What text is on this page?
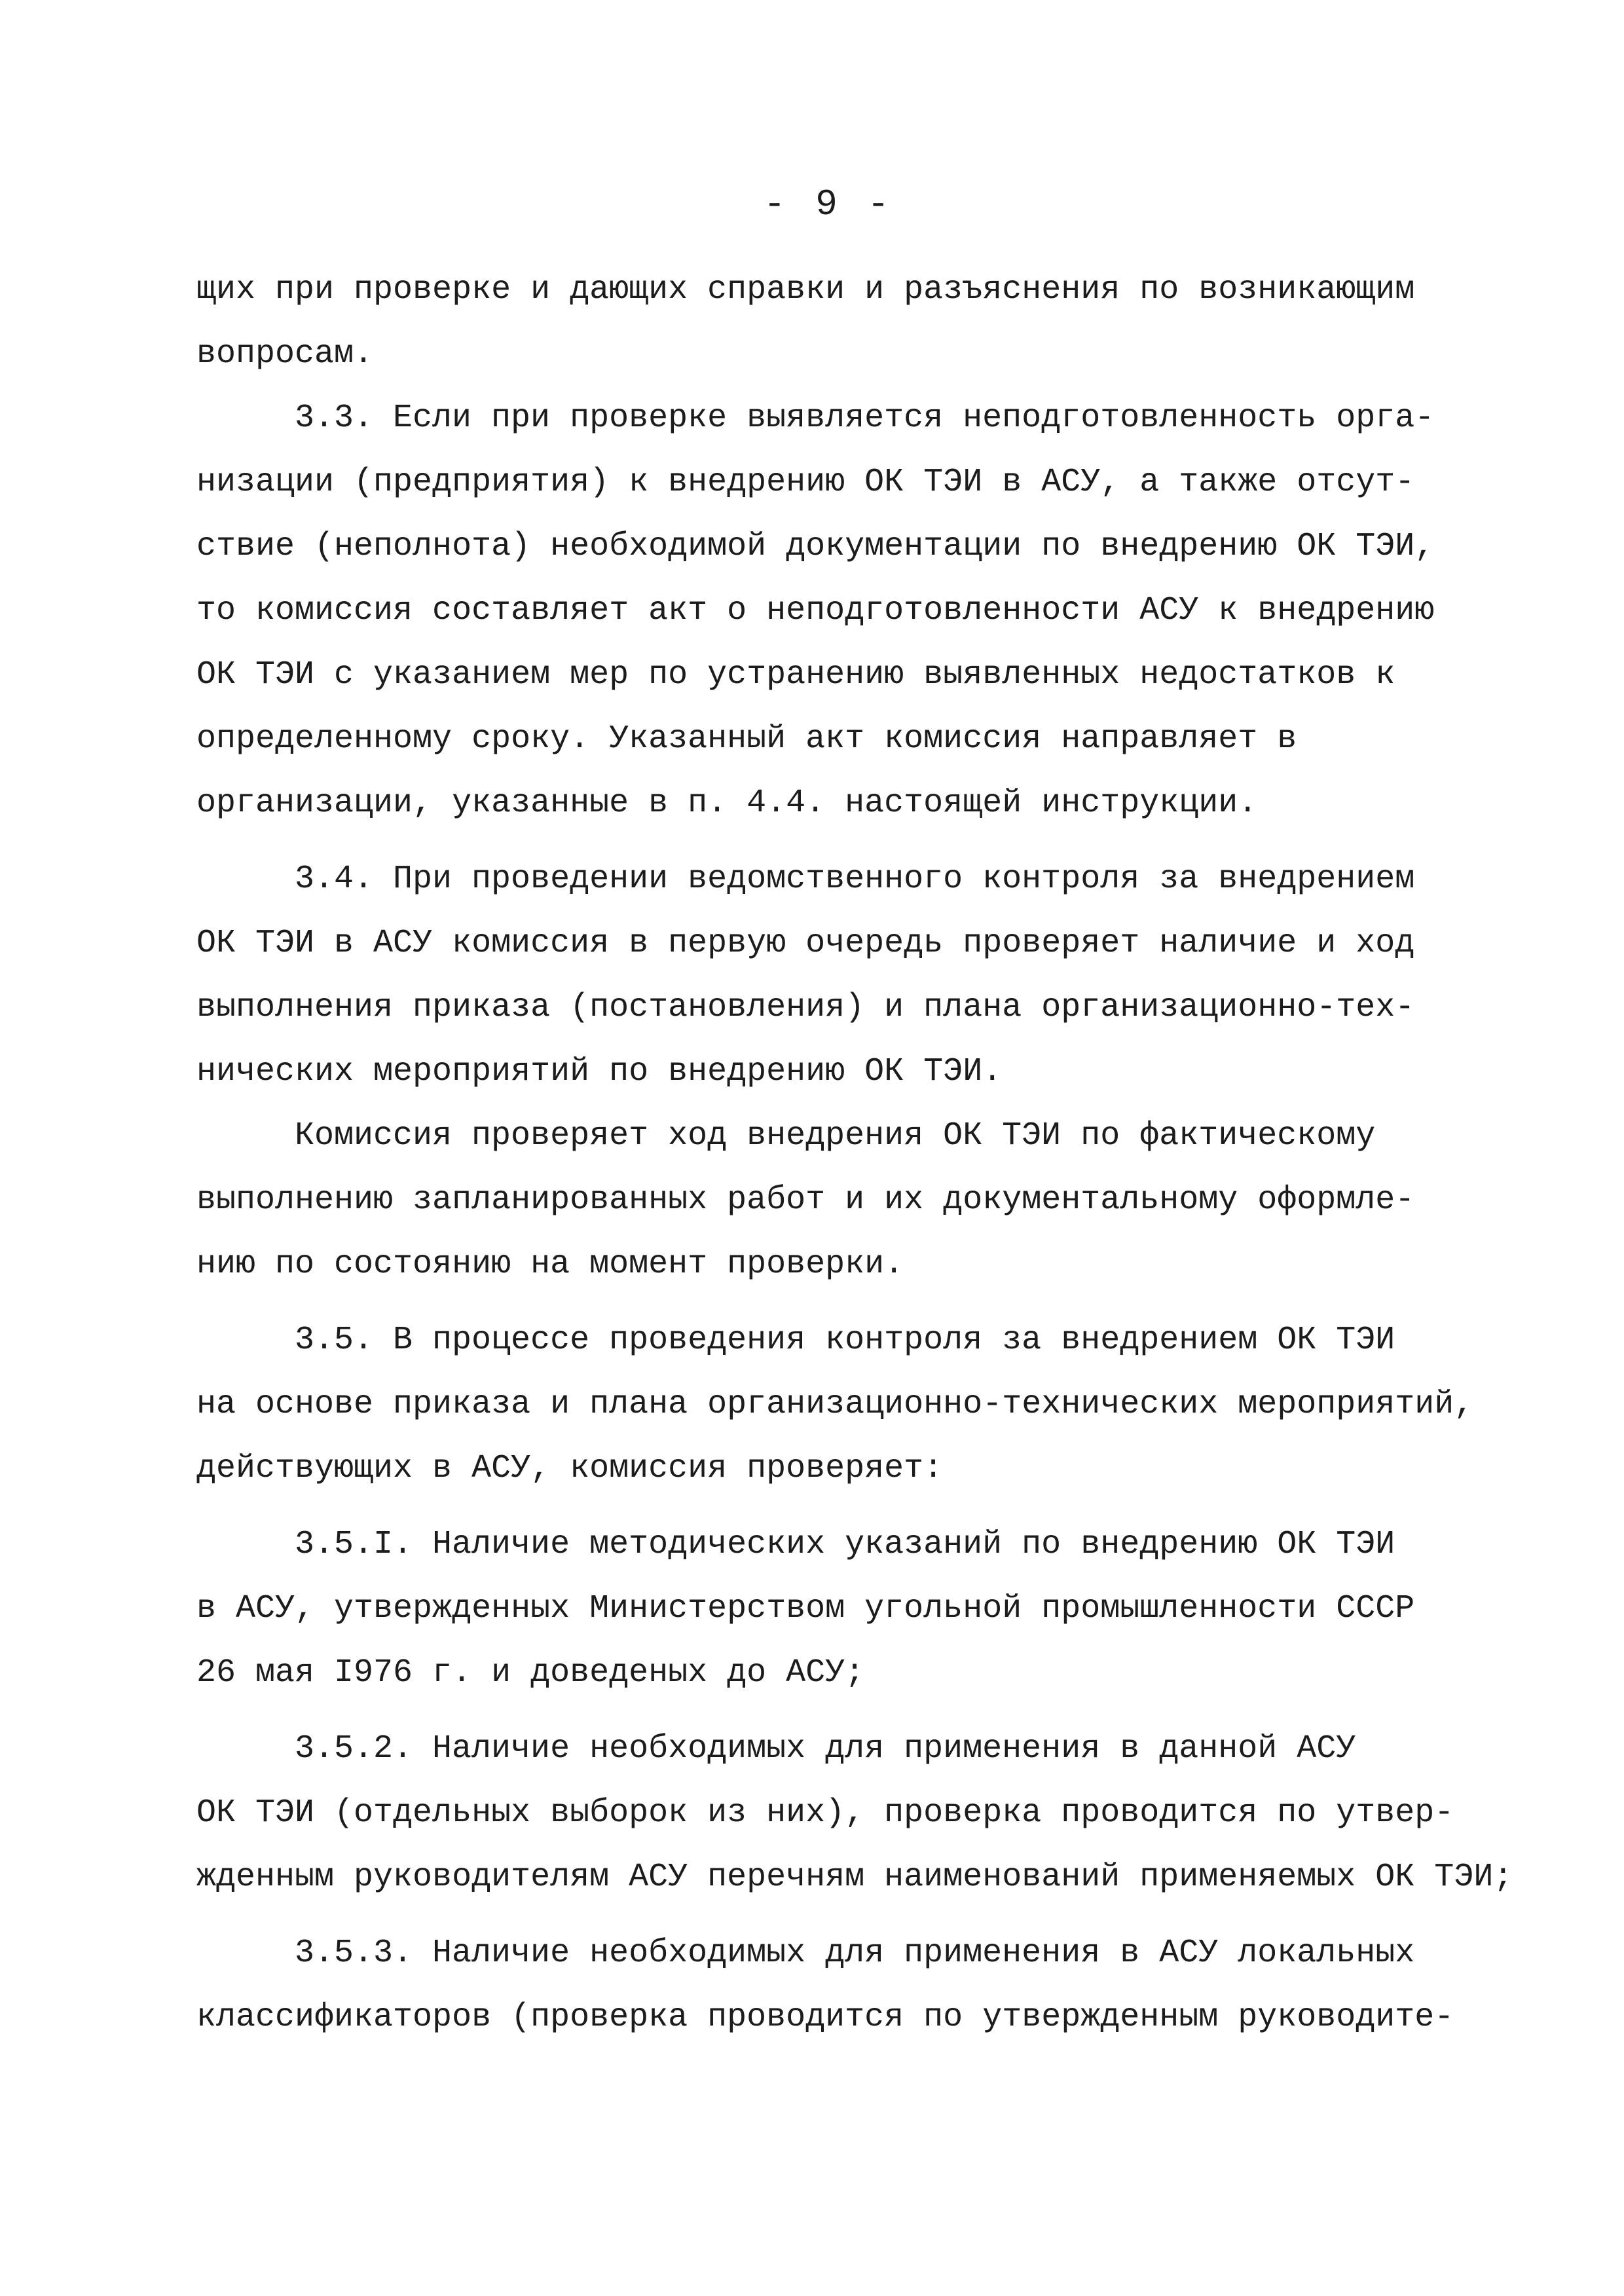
- 9 -
щих при проверке и дающих справки и разъяснения по возникающим
вопросам.
3.3. Если при проверке выявляется неподготовленность орга-
низации (предприятия) к внедрению ОК ТЭИ в АСУ, а также отсут-
ствие (неполнота) необходимой документации по внедрению ОК ТЭИ,
то комиссия составляет акт о неподготовленности АСУ к внедрению
ОК ТЭИ с указанием мер по устранению выявленных недостатков к
определенному сроку. Указанный акт комиссия направляет в
организации, указанные в п. 4.4. настоящей инструкции.
3.4. При проведении ведомственного контроля за внедрением
ОК ТЭИ в АСУ комиссия в первую очередь проверяет наличие и ход
выполнения приказа (постановления) и плана организационно-тех-
нических мероприятий по внедрению ОК ТЭИ.
Комиссия проверяет ход внедрения ОК ТЭИ по фактическому
выполнению запланированных работ и их документальному оформле-
нию по состоянию на момент проверки.
3.5. В процессе проведения контроля за внедрением ОК ТЭИ
на основе приказа и плана организационно-технических мероприятий,
действующих в АСУ, комиссия проверяет:
3.5.I. Наличие методических указаний по внедрению ОК ТЭИ
в АСУ, утвержденных Министерством угольной промышленности СССР
26 мая I976 г. и доведеных до АСУ;
3.5.2. Наличие необходимых для применения в данной АСУ
ОК ТЭИ (отдельных выборок из них), проверка проводится по утвер-
жденным руководителям АСУ перечням наименований применяемых ОК ТЭИ;
3.5.3. Наличие необходимых для применения в АСУ локальных
классификаторов (проверка проводится по утвержденным руководите-
